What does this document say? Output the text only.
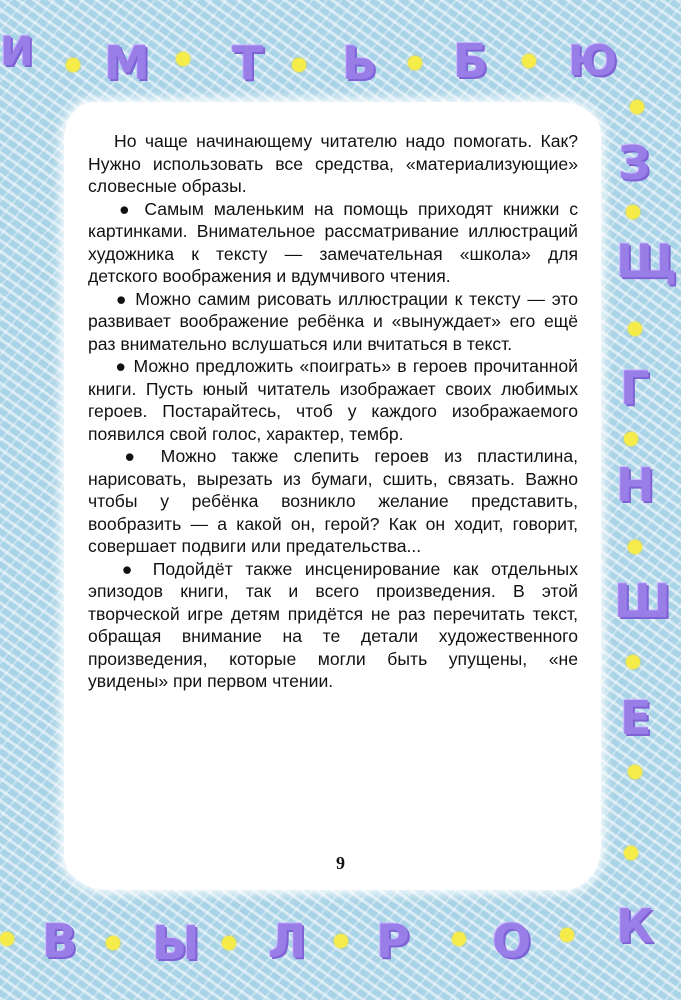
И М Т Ь Б Ю
З
Щ
Г
Н
Ш
Е
К
В Ы Л Р О

Но чаще начинающему читателю надо помогать. Как? Нужно использовать все средства, «материализующие» словесные образы.

● Самым маленьким на помощь приходят книжки с картинками. Внимательное рассматривание иллюстраций художника к тексту — замечательная «школа» для детского воображения и вдумчивого чтения.

● Можно самим рисовать иллюстрации к тексту — это развивает воображение ребёнка и «вынуждает» его ещё раз внимательно вслушаться или вчитаться в текст.

● Можно предложить «поиграть» в героев прочитанной книги. Пусть юный читатель изображает своих любимых героев. Постарайтесь, чтоб у каждого изображаемого появился свой голос, характер, тембр.

● Можно также слепить героев из пластилина, нарисовать, вырезать из бумаги, сшить, связать. Важно чтобы у ребёнка возникло желание представить, вообразить — а какой он, герой? Как он ходит, говорит, совершает подвиги или предательства...

● Подойдёт также инсценирование как отдельных эпизодов книги, так и всего произведения. В этой творческой игре детям придётся не раз перечитать текст, обращая внимание на те детали художественного произведения, которые могли быть упущены, «не увидены» при первом чтении.

9
